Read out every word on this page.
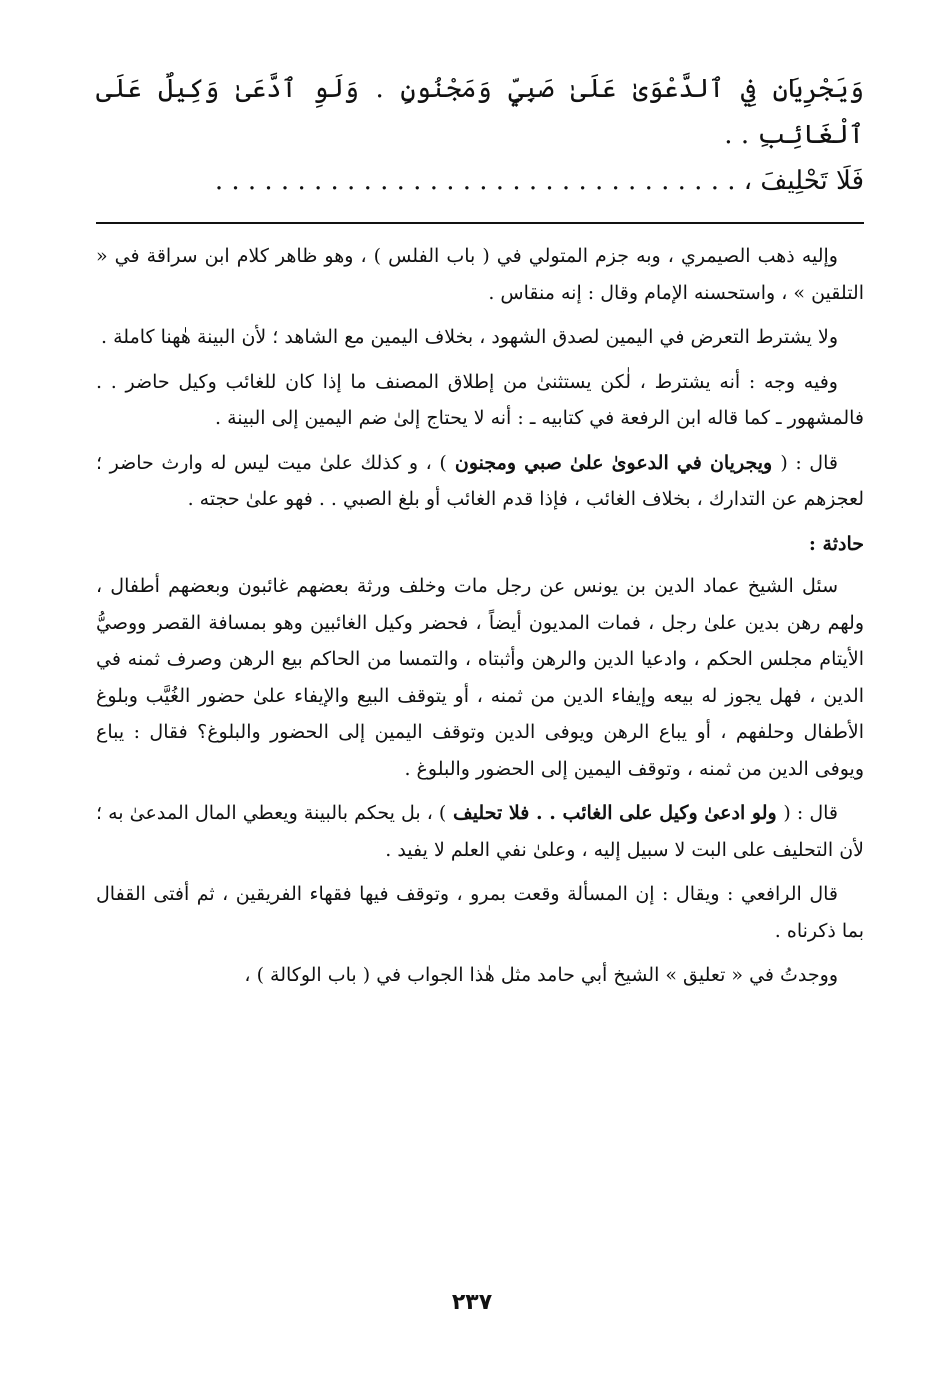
وَيَجْرِيَانِ فِي ٱلدَّعْوَىٰ عَلَىٰ صَبِيٍّ وَمَجْنُونٍ . وَلَوِ ٱدَّعَىٰ وَكِيلٌ عَلَى ٱلْغَائِبِ . .

فَلَا تَحْلِيفَ ، . . . . . . . . . . . . . . . . . . . . . . . . . . . . . . . .

وإليه ذهب الصيمري ، وبه جزم المتولي في ( باب الفلس ) ، وهو ظاهر كلام ابن سراقة في « التلقين » ، واستحسنه الإمام وقال : إنه منقاس .

ولا يشترط التعرض في اليمين لصدق الشهود ، بخلاف اليمين مع الشاهد ؛ لأن البينة هٰهنا كاملة .

وفيه وجه : أنه يشترط ، لٰكن يستثنىٰ من إطلاق المصنف ما إذا كان للغائب وكيل حاضر . . فالمشهور ـ كما قاله ابن الرفعة في كتابيه ـ : أنه لا يحتاج إلىٰ ضم اليمين إلى البينة .

قال : ( ويجريان في الدعوىٰ علىٰ صبي ومجنون ) ، و كذلك علىٰ ميت ليس له وارث حاضر ؛ لعجزهم عن التدارك ، بخلاف الغائب ، فإذا قدم الغائب أو بلغ الصبي . . فهو علىٰ حجته .

حادثة :

سئل الشيخ عماد الدين بن يونس عن رجل مات وخلف ورثة بعضهم غائبون وبعضهم أطفال ، ولهم رهن بدين علىٰ رجل ، فمات المديون أيضاً ، فحضر وكيل الغائبين وهو بمسافة القصر ووصيُّ الأيتام مجلس الحكم ، وادعيا الدين والرهن وأثبتاه ، والتمسا من الحاكم بيع الرهن وصرف ثمنه في الدين ، فهل يجوز له بيعه وإيفاء الدين من ثمنه ، أو يتوقف البيع والإيفاء علىٰ حضور الغُيَّب وبلوغ الأطفال وحلفهم ، أو يباع الرهن ويوفى الدين وتوقف اليمين إلى الحضور والبلوغ؟ فقال : يباع ويوفى الدين من ثمنه ، وتوقف اليمين إلى الحضور والبلوغ .

قال : ( ولو ادعىٰ وكيل على الغائب . . فلا تحليف ) ، بل يحكم بالبينة ويعطي المال المدعىٰ به ؛ لأن التحليف على البت لا سبيل إليه ، وعلىٰ نفي العلم لا يفيد .

قال الرافعي : ويقال : إن المسألة وقعت بمرو ، وتوقف فيها فقهاء الفريقين ، ثم أفتى القفال بما ذكرناه .

ووجدتُ في « تعليق » الشيخ أبي حامد مثل هٰذا الجواب في ( باب الوكالة ) ،

٢٣٧
